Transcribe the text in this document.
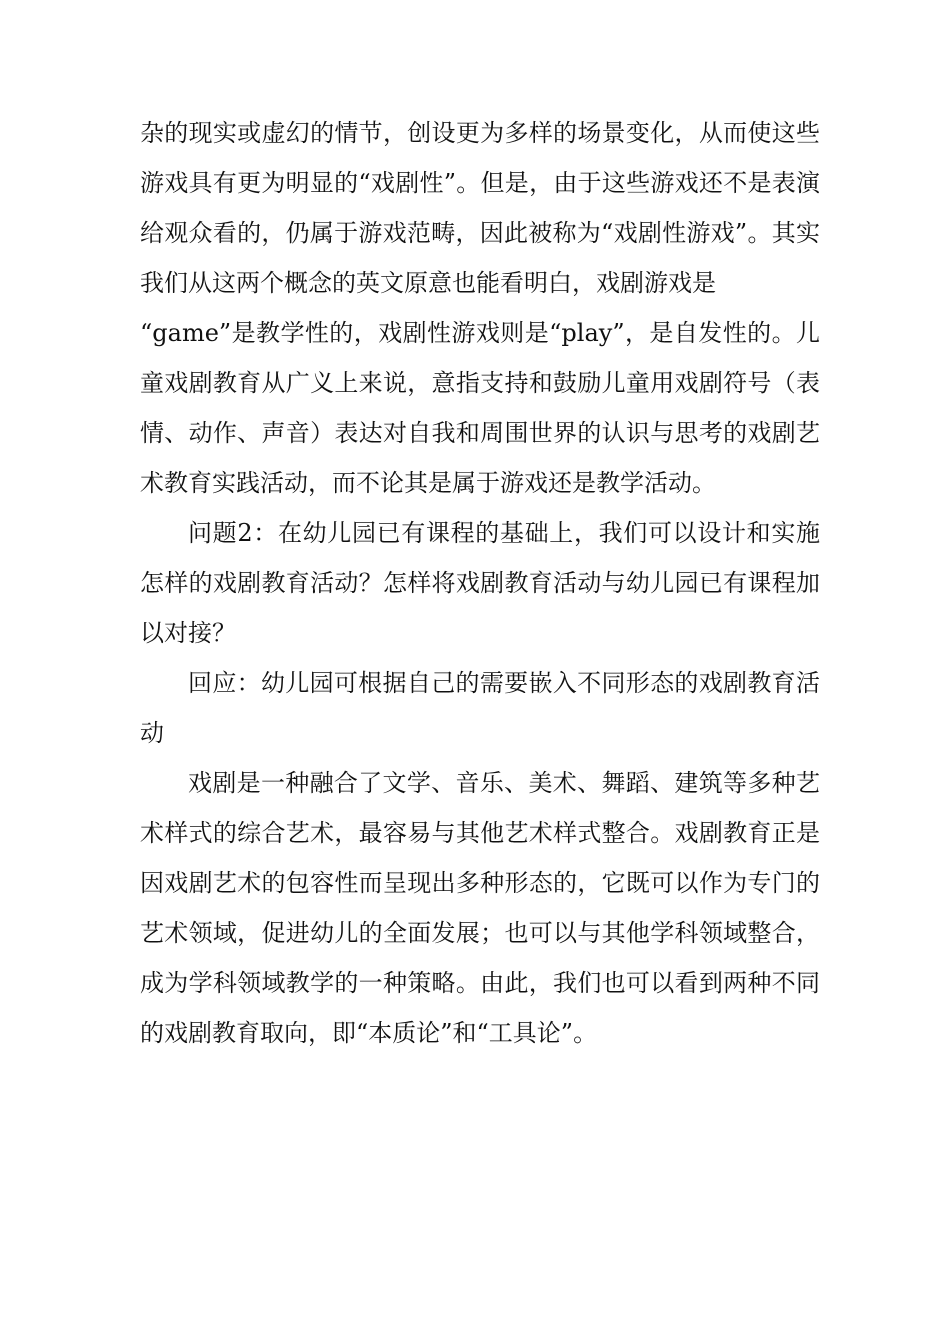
杂的现实或虚幻的情节，创设更为多样的场景变化，从而使这些游戏具有更为明显的“戏剧性”。但是，由于这些游戏还不是表演给观众看的，仍属于游戏范畴，因此被称为“戏剧性游戏”。其实我们从这两个概念的英文原意也能看明白，戏剧游戏是

“game”是教学性的，戏剧性游戏则是“play”，是自发性的。儿童戏剧教育从广义上来说，意指支持和鼓励儿童用戏剧符号（表情、动作、声音）表达对自我和周围世界的认识与思考的戏剧艺术教育实践活动，而不论其是属于游戏还是教学活动。

问题2：在幼儿园已有课程的基础上，我们可以设计和实施怎样的戏剧教育活动？怎样将戏剧教育活动与幼儿园已有课程加以对接？

回应：幼儿园可根据自己的需要嵌入不同形态的戏剧教育活动

戏剧是一种融合了文学、音乐、美术、舞蹈、建筑等多种艺术样式的综合艺术，最容易与其他艺术样式整合。戏剧教育正是因戏剧艺术的包容性而呈现出多种形态的，它既可以作为专门的艺术领域，促进幼儿的全面发展；也可以与其他学科领域整合，成为学科领域教学的一种策略。由此，我们也可以看到两种不同的戏剧教育取向，即“本质论”和“工具论”。
